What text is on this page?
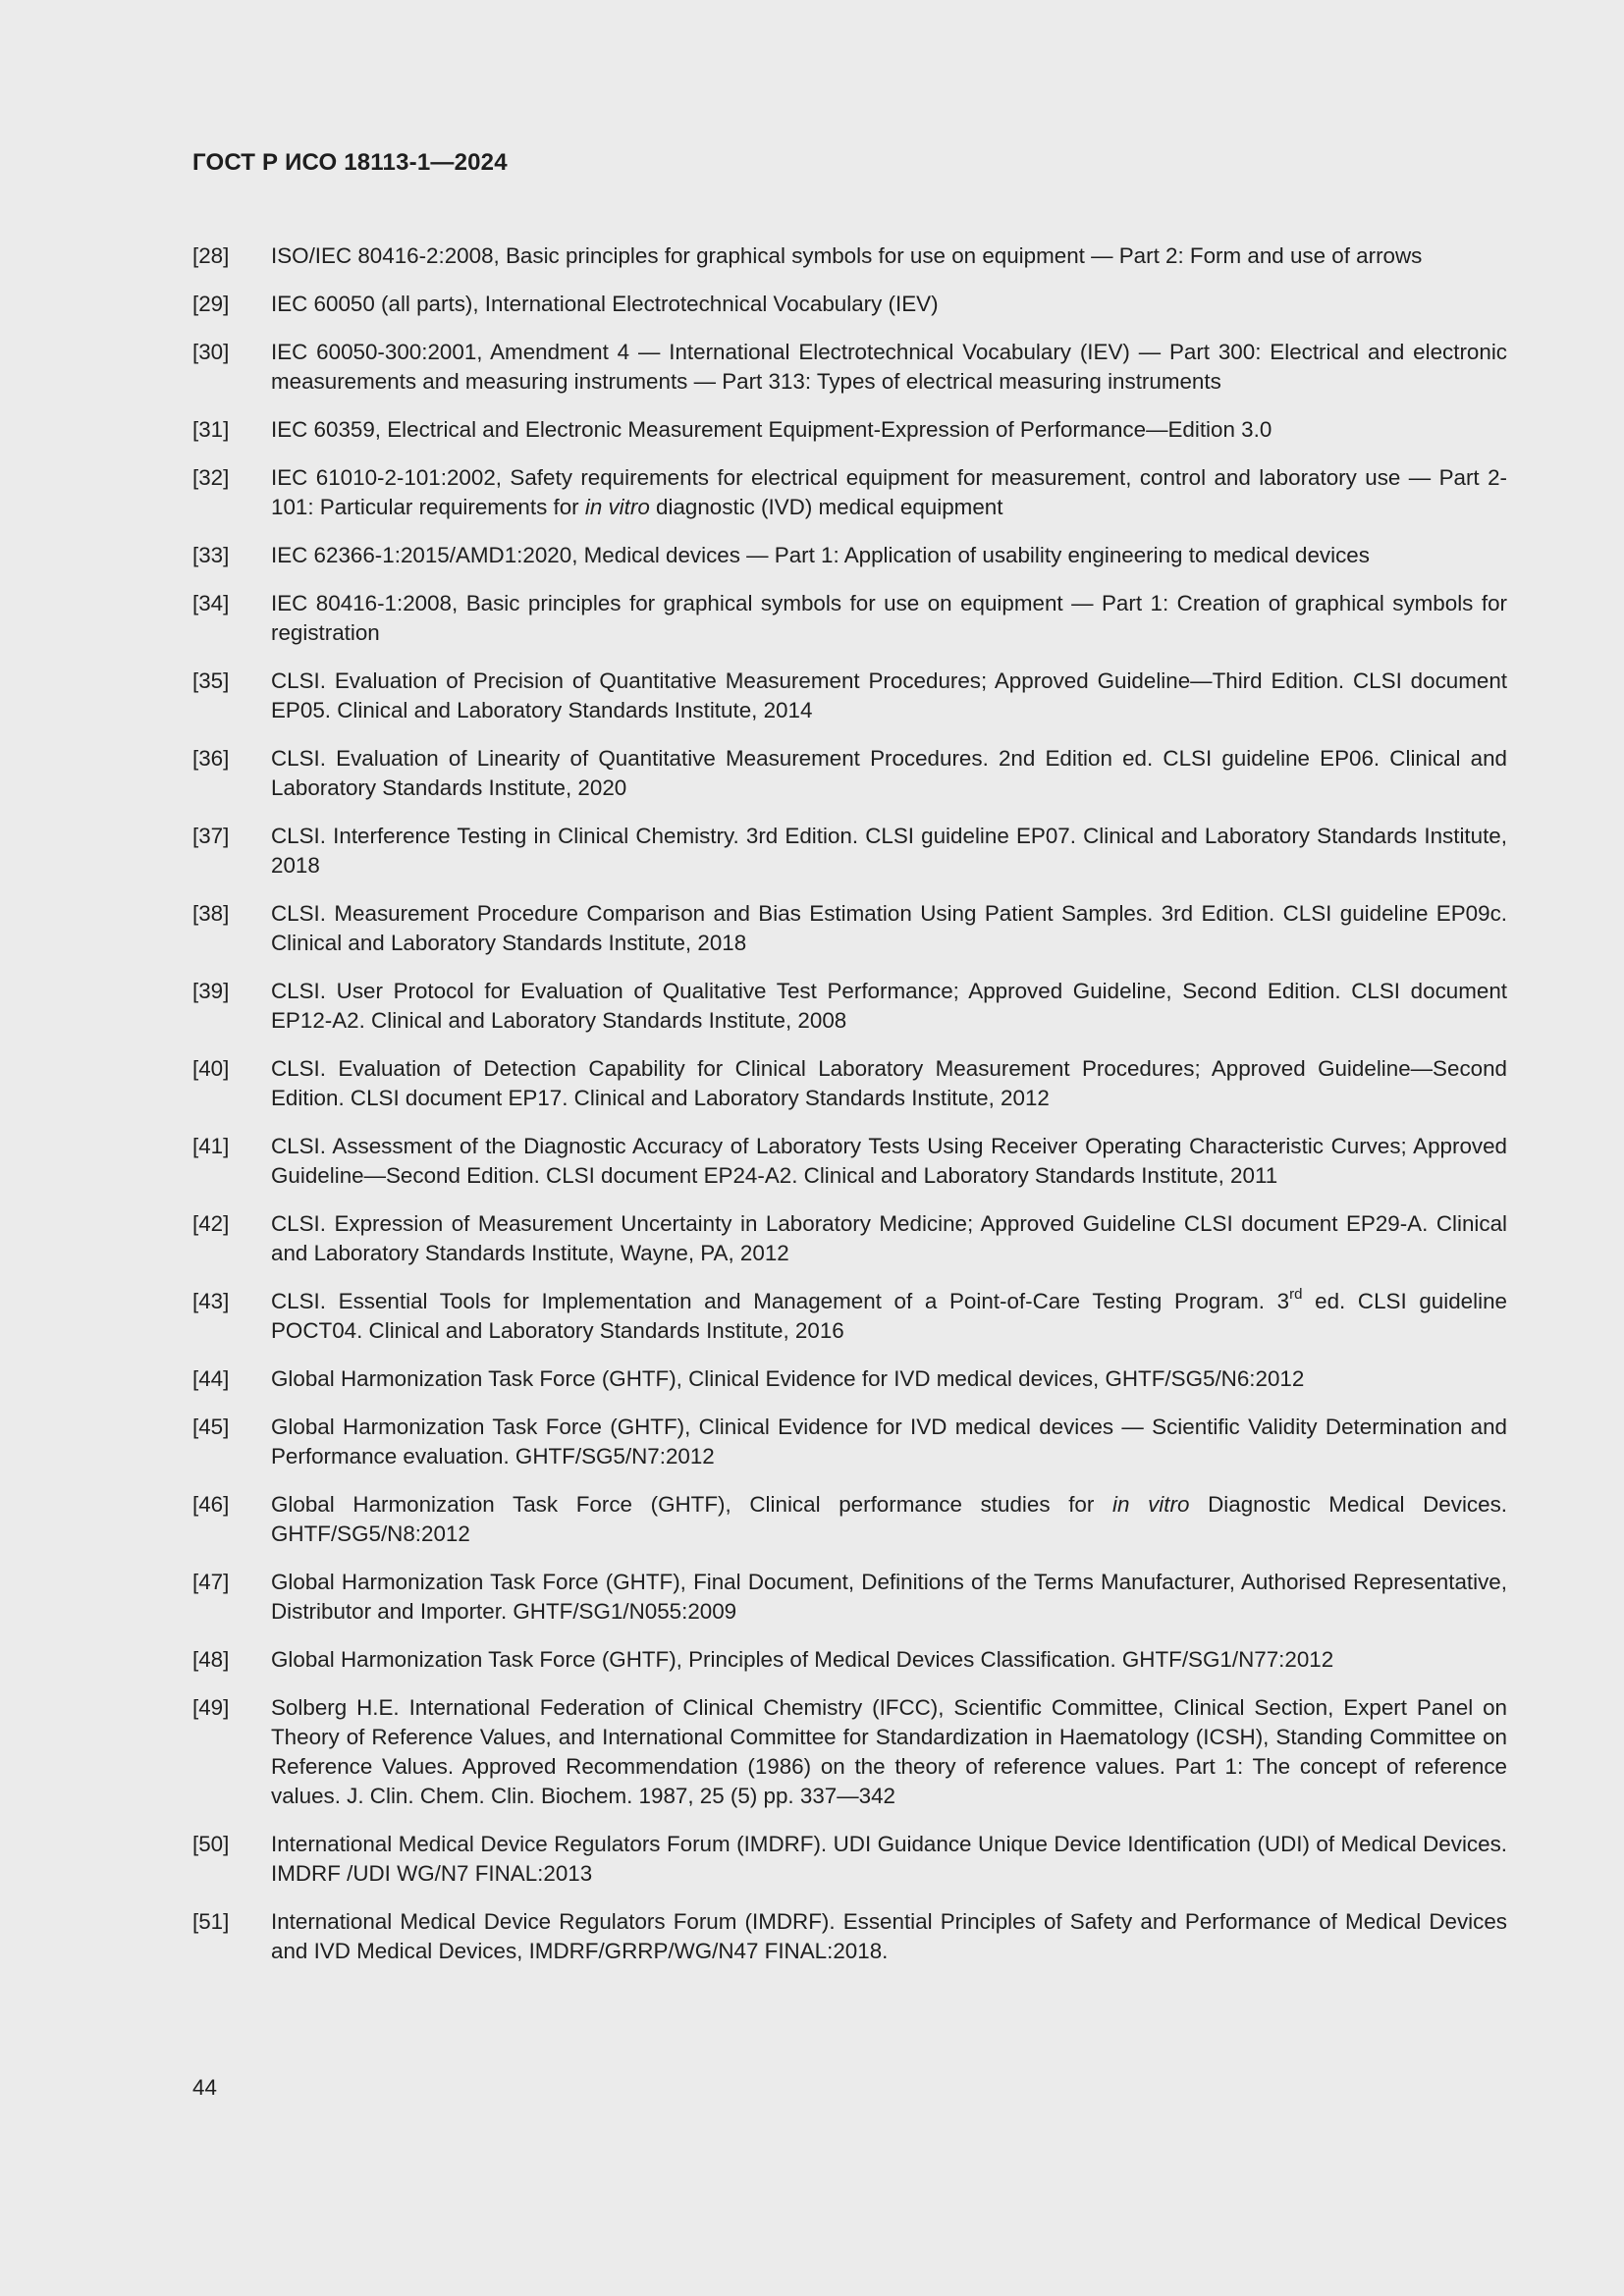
ГОСТ Р ИСО 18113-1—2024
[28]	ISO/IEC 80416-2:2008, Basic principles for graphical symbols for use on equipment — Part 2: Form and use of arrows
[29]	IEC 60050 (all parts), International Electrotechnical Vocabulary (IEV)
[30]	IEC 60050-300:2001, Amendment 4 — International Electrotechnical Vocabulary (IEV) — Part 300: Electrical and electronic measurements and measuring instruments — Part 313: Types of electrical measuring instruments
[31]	IEC 60359, Electrical and Electronic Measurement Equipment-Expression of Performance—Edition 3.0
[32]	IEC 61010-2-101:2002, Safety requirements for electrical equipment for measurement, control and laboratory use — Part 2-101: Particular requirements for in vitro diagnostic (IVD) medical equipment
[33]	IEC 62366-1:2015/AMD1:2020, Medical devices — Part 1: Application of usability engineering to medical devices
[34]	IEC 80416-1:2008, Basic principles for graphical symbols for use on equipment — Part 1: Creation of graphical symbols for registration
[35]	CLSI. Evaluation of Precision of Quantitative Measurement Procedures; Approved Guideline—Third Edition. CLSI document EP05. Clinical and Laboratory Standards Institute, 2014
[36]	CLSI. Evaluation of Linearity of Quantitative Measurement Procedures. 2nd Edition ed. CLSI guideline EP06. Clinical and Laboratory Standards Institute, 2020
[37]	CLSI. Interference Testing in Clinical Chemistry. 3rd Edition. CLSI guideline EP07. Clinical and Laboratory Standards Institute, 2018
[38]	CLSI. Measurement Procedure Comparison and Bias Estimation Using Patient Samples. 3rd Edition. CLSI guideline EP09c. Clinical and Laboratory Standards Institute, 2018
[39]	CLSI. User Protocol for Evaluation of Qualitative Test Performance; Approved Guideline, Second Edition. CLSI document EP12-A2. Clinical and Laboratory Standards Institute, 2008
[40]	CLSI. Evaluation of Detection Capability for Clinical Laboratory Measurement Procedures; Approved Guideline—Second Edition. CLSI document EP17. Clinical and Laboratory Standards Institute, 2012
[41]	CLSI. Assessment of the Diagnostic Accuracy of Laboratory Tests Using Receiver Operating Characteristic Curves; Approved Guideline—Second Edition. CLSI document EP24-A2. Clinical and Laboratory Standards Institute, 2011
[42]	CLSI. Expression of Measurement Uncertainty in Laboratory Medicine; Approved Guideline CLSI document EP29-A. Clinical and Laboratory Standards Institute, Wayne, PA, 2012
[43]	CLSI. Essential Tools for Implementation and Management of a Point-of-Care Testing Program. 3rd ed. CLSI guideline POCT04. Clinical and Laboratory Standards Institute, 2016
[44]	Global Harmonization Task Force (GHTF), Clinical Evidence for IVD medical devices, GHTF/SG5/N6:2012
[45]	Global Harmonization Task Force (GHTF), Clinical Evidence for IVD medical devices — Scientific Validity Determination and Performance evaluation. GHTF/SG5/N7:2012
[46]	Global Harmonization Task Force (GHTF), Clinical performance studies for in vitro Diagnostic Medical Devices. GHTF/SG5/N8:2012
[47]	Global Harmonization Task Force (GHTF), Final Document, Definitions of the Terms Manufacturer, Authorised Representative, Distributor and Importer. GHTF/SG1/N055:2009
[48]	Global Harmonization Task Force (GHTF), Principles of Medical Devices Classification. GHTF/SG1/N77:2012
[49]	Solberg H.E. International Federation of Clinical Chemistry (IFCC), Scientific Committee, Clinical Section, Expert Panel on Theory of Reference Values, and International Committee for Standardization in Haematology (ICSH), Standing Committee on Reference Values. Approved Recommendation (1986) on the theory of reference values. Part 1: The concept of reference values. J. Clin. Chem. Clin. Biochem. 1987, 25 (5) pp. 337—342
[50]	International Medical Device Regulators Forum (IMDRF). UDI Guidance Unique Device Identification (UDI) of Medical Devices. IMDRF /UDI WG/N7 FINAL:2013
[51]	International Medical Device Regulators Forum (IMDRF). Essential Principles of Safety and Performance of Medical Devices and IVD Medical Devices, IMDRF/GRRP/WG/N47 FINAL:2018.
44
